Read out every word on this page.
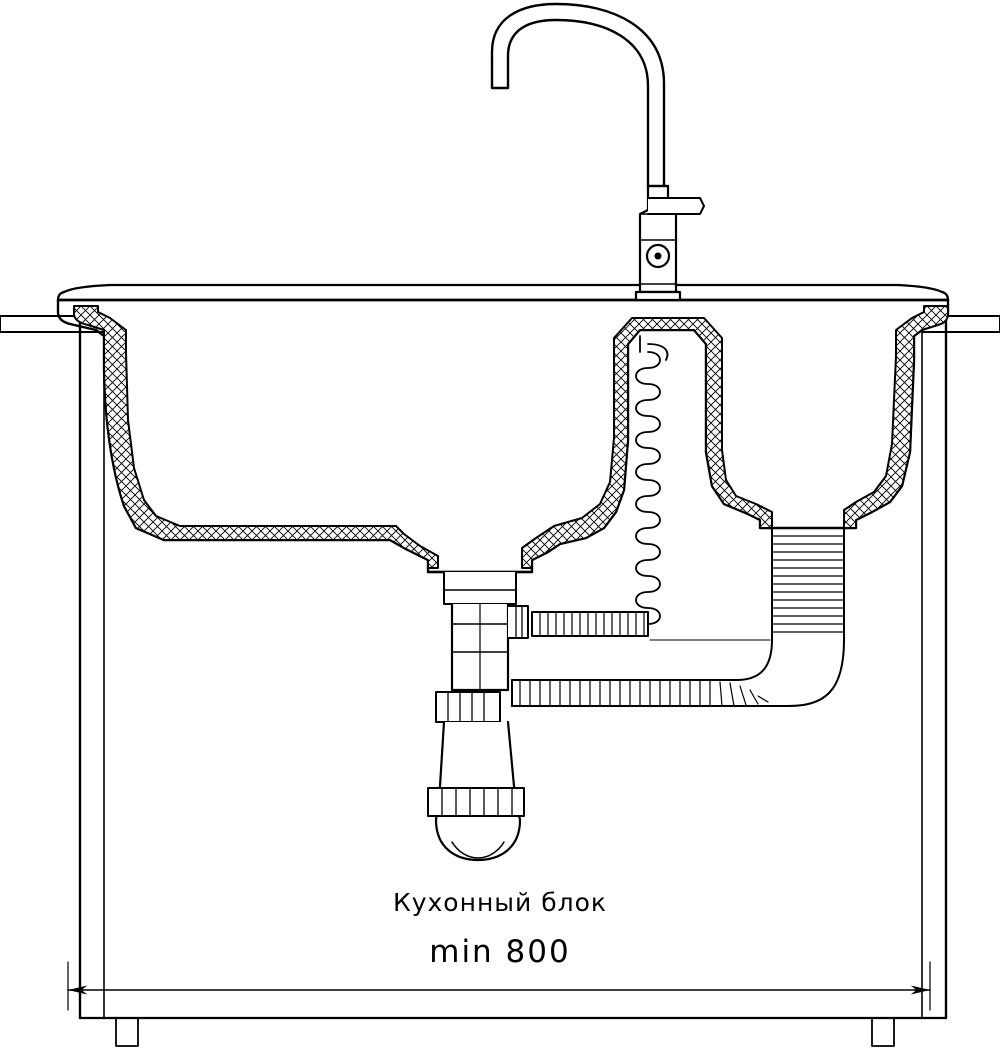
Кухонный блок
min 800
